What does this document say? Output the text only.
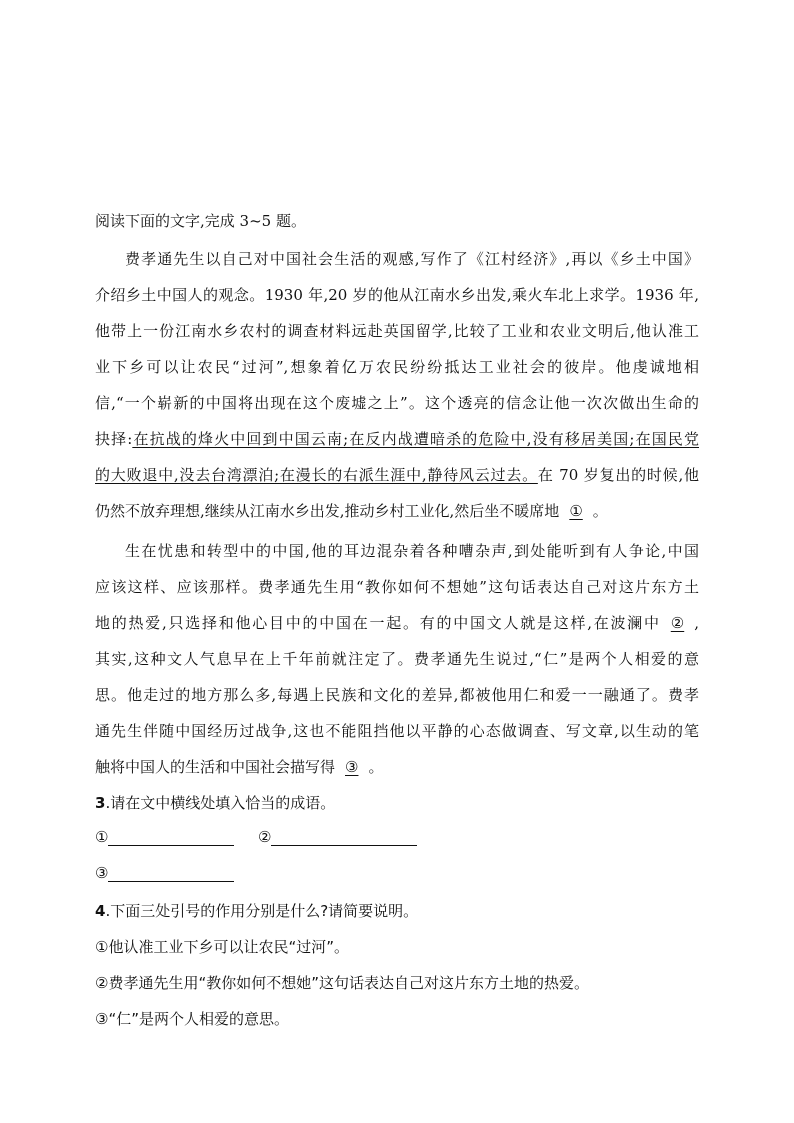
阅读下面的文字,完成 3~5 题。
费孝通先生以自己对中国社会生活的观感,写作了《江村经济》,再以《乡土中国》
介绍乡土中国人的观念。1930 年,20 岁的他从江南水乡出发,乘火车北上求学。1936 年,
他带上一份江南水乡农村的调查材料远赴英国留学,比较了工业和农业文明后,他认准工
业下乡可以让农民“过河”,想象着亿万农民纷纷抵达工业社会的彼岸。他虔诚地相
信,“一个崭新的中国将出现在这个废墟之上”。这个透亮的信念让他一次次做出生命的
抉择:在抗战的烽火中回到中国云南;在反内战遭暗杀的危险中,没有移居美国;在国民党
的大败退中,没去台湾漂泊;在漫长的右派生涯中,静待风云过去。在 70 岁复出的时候,他
仍然不放弃理想,继续从江南水乡出发,推动乡村工业化,然后坐不暖席地 ① 。
生在忧患和转型中的中国,他的耳边混杂着各种嘈杂声,到处能听到有人争论,中国
应该这样、应该那样。费孝通先生用“教你如何不想她”这句话表达自己对这片东方土
地的热爱,只选择和他心目中的中国在一起。有的中国文人就是这样,在波澜中 ② ,
其实,这种文人气息早在上千年前就注定了。费孝通先生说过,“仁”是两个人相爱的意
思。他走过的地方那么多,每遇上民族和文化的差异,都被他用仁和爱一一融通了。费孝
通先生伴随中国经历过战争,这也不能阻挡他以平静的心态做调查、写文章,以生动的笔
触将中国人的生活和中国社会描写得 ③ 。
3.请在文中横线处填入恰当的成语。
①	②
③
4.下面三处引号的作用分别是什么?请简要说明。
①他认准工业下乡可以让农民“过河”。
②费孝通先生用“教你如何不想她”这句话表达自己对这片东方土地的热爱。
③“仁”是两个人相爱的意思。
